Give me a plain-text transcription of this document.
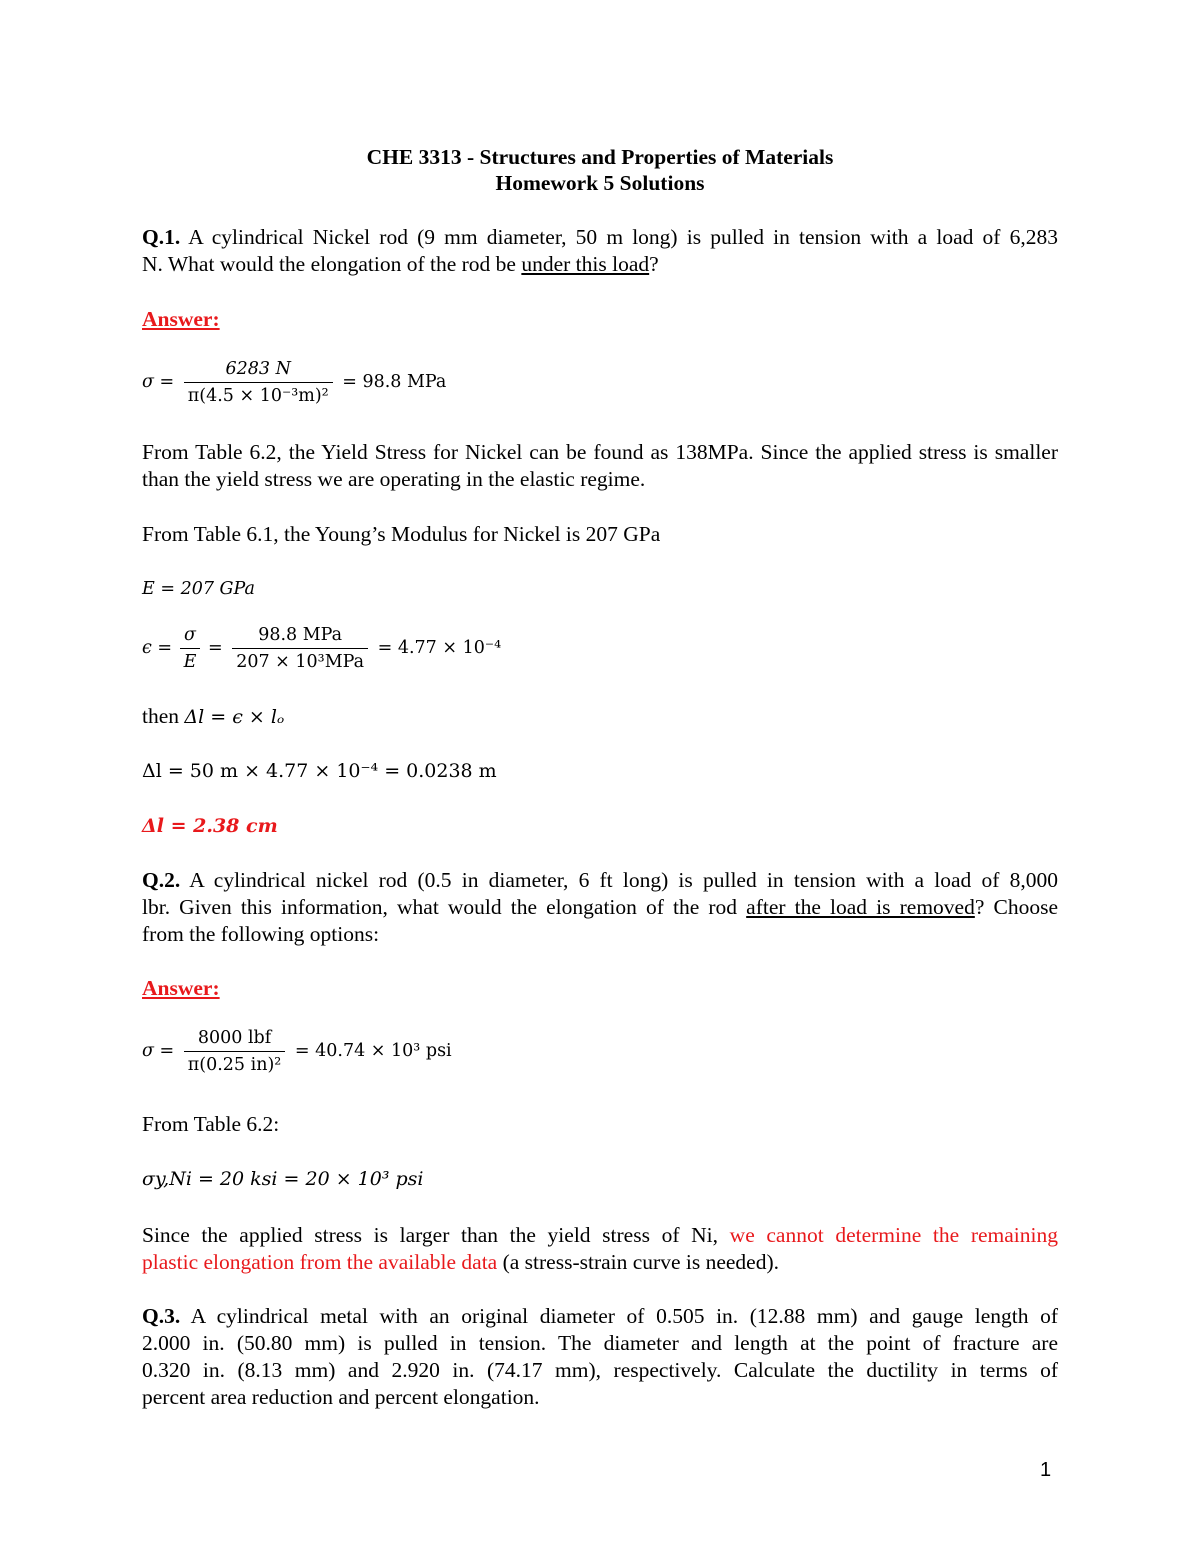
CHE 3313 - Structures and Properties of Materials
Homework 5 Solutions
Q.1. A cylindrical Nickel rod (9 mm diameter, 50 m long) is pulled in tension with a load of 6,283
N. What would the elongation of the rod be under this load?
Answer:
$\sigma = \frac{6283 N}{\text{π(4.5 × 10⁻³m)²}} = 98.8$ MPa
From Table 6.2, the Yield Stress for Nickel can be found as 138MPa. Since the applied stress is smaller than the yield stress we are operating in the elastic regime.
From Table 6.1, the Young’s Modulus for Nickel is 207 GPa
E = 207 GPa
$\epsilon = \frac{\sigma}{E} = \frac{\text{98.8 MPa}}{\text{207 × 10³MPa}} = 4.77 \times 10^{-4}$
then Δl = ϵ × lₒ
Δl = 50 m × 4.77 × 10⁻⁴ = 0.0238 m
Δl = 2.38 cm
Q.2. A cylindrical nickel rod (0.5 in diameter, 6 ft long) is pulled in tension with a load of 8,000
lbr. Given this information, what would the elongation of the rod after the load is removed? Choose
from the following options:
Answer:
$\sigma = \frac{\text{8000 lbf}}{\text{π(0.25 in)²}} = 40.74 \times 10^3$ psi
From Table 6.2:
σy,Ni = 20 ksi = 20 × 10³ psi
Since the applied stress is larger than the yield stress of Ni, we cannot determine the remaining
plastic elongation from the available data (a stress-strain curve is needed).
Q.3. A cylindrical metal with an original diameter of 0.505 in. (12.88 mm) and gauge length of
2.000 in. (50.80 mm) is pulled in tension. The diameter and length at the point of fracture are
0.320 in. (8.13 mm) and 2.920 in. (74.17 mm), respectively. Calculate the ductility in terms of
percent area reduction and percent elongation.
1
